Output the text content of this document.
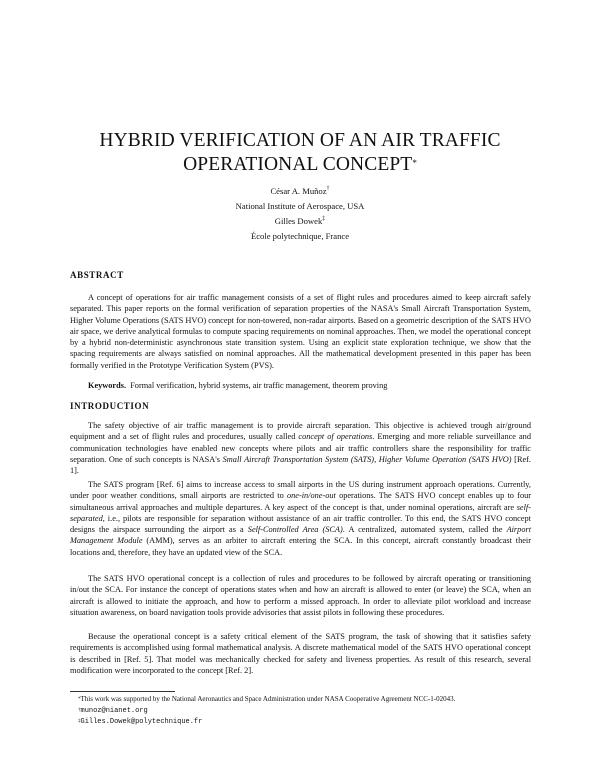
HYBRID VERIFICATION OF AN AIR TRAFFIC
OPERATIONAL CONCEPT*
César A. Muñoz†
National Institute of Aerospace, USA
Gilles Dowek‡
École polytechnique, France
ABSTRACT

A concept of operations for air traffic management consists of a set of flight rules and procedures aimed to keep aircraft safely separated. This paper reports on the formal verification of separation properties of the NASA's Small Aircraft Transportation System, Higher Volume Operations (SATS HVO) concept for non-towered, non-radar airports. Based on a geometric description of the SATS HVO air space, we derive analytical formulas to compute spacing requirements on nominal approaches. Then, we model the operational concept by a hybrid non-deterministic asynchronous state transition system. Using an explicit state exploration technique, we show that the spacing requirements are always satisfied on nominal approaches. All the mathematical development presented in this paper has been formally verified in the Prototype Verification System (PVS).

Keywords. Formal verification, hybrid systems, air traffic management, theorem proving
INTRODUCTION

The safety objective of air traffic management is to provide aircraft separation. This objective is achieved trough air/ground equipment and a set of flight rules and procedures, usually called concept of operations. Emerging and more reliable surveillance and communication technologies have enabled new concepts where pilots and air traffic controllers share the responsibility for traffic separation. One of such concepts is NASA's Small Aircraft Transportation System (SATS), Higher Volume Operation (SATS HVO) [Ref. 1].

The SATS program [Ref. 6] aims to increase access to small airports in the US during instrument approach operations. Currently, under poor weather conditions, small airports are restricted to one-in/one-out operations. The SATS HVO concept enables up to four simultaneous arrival approaches and multiple departures. A key aspect of the concept is that, under nominal operations, aircraft are self-separated, i.e., pilots are responsible for separation without assistance of an air traffic controller. To this end, the SATS HVO concept designs the airspace surrounding the airport as a Self-Controlled Area (SCA). A centralized, automated system, called the Airport Management Module (AMM), serves as an arbiter to aircraft entering the SCA. In this concept, aircraft constantly broadcast their locations and, therefore, they have an updated view of the SCA.

The SATS HVO operational concept is a collection of rules and procedures to be followed by aircraft operating or transitioning in/out the SCA. For instance the concept of operations states when and how an aircraft is allowed to enter (or leave) the SCA, when an aircraft is allowed to initiate the approach, and how to perform a missed approach. In order to alleviate pilot workload and increase situation awareness, on board navigation tools provide advisories that assist pilots in following these procedures.

Because the operational concept is a safety critical element of the SATS program, the task of showing that it satisfies safety requirements is accomplished using formal mathematical analysis. A discrete mathematical model of the SATS HVO operational concept is described in [Ref. 5]. That model was mechanically checked for safety and liveness properties. As result of this research, several modification were incorporated to the concept [Ref. 2].

*This work was supported by the National Aeronautics and Space Administration under NASA Cooperative Agreement NCC-1-02043.
†munoz@nianet.org
‡Gilles.Dowek@polytechnique.fr
